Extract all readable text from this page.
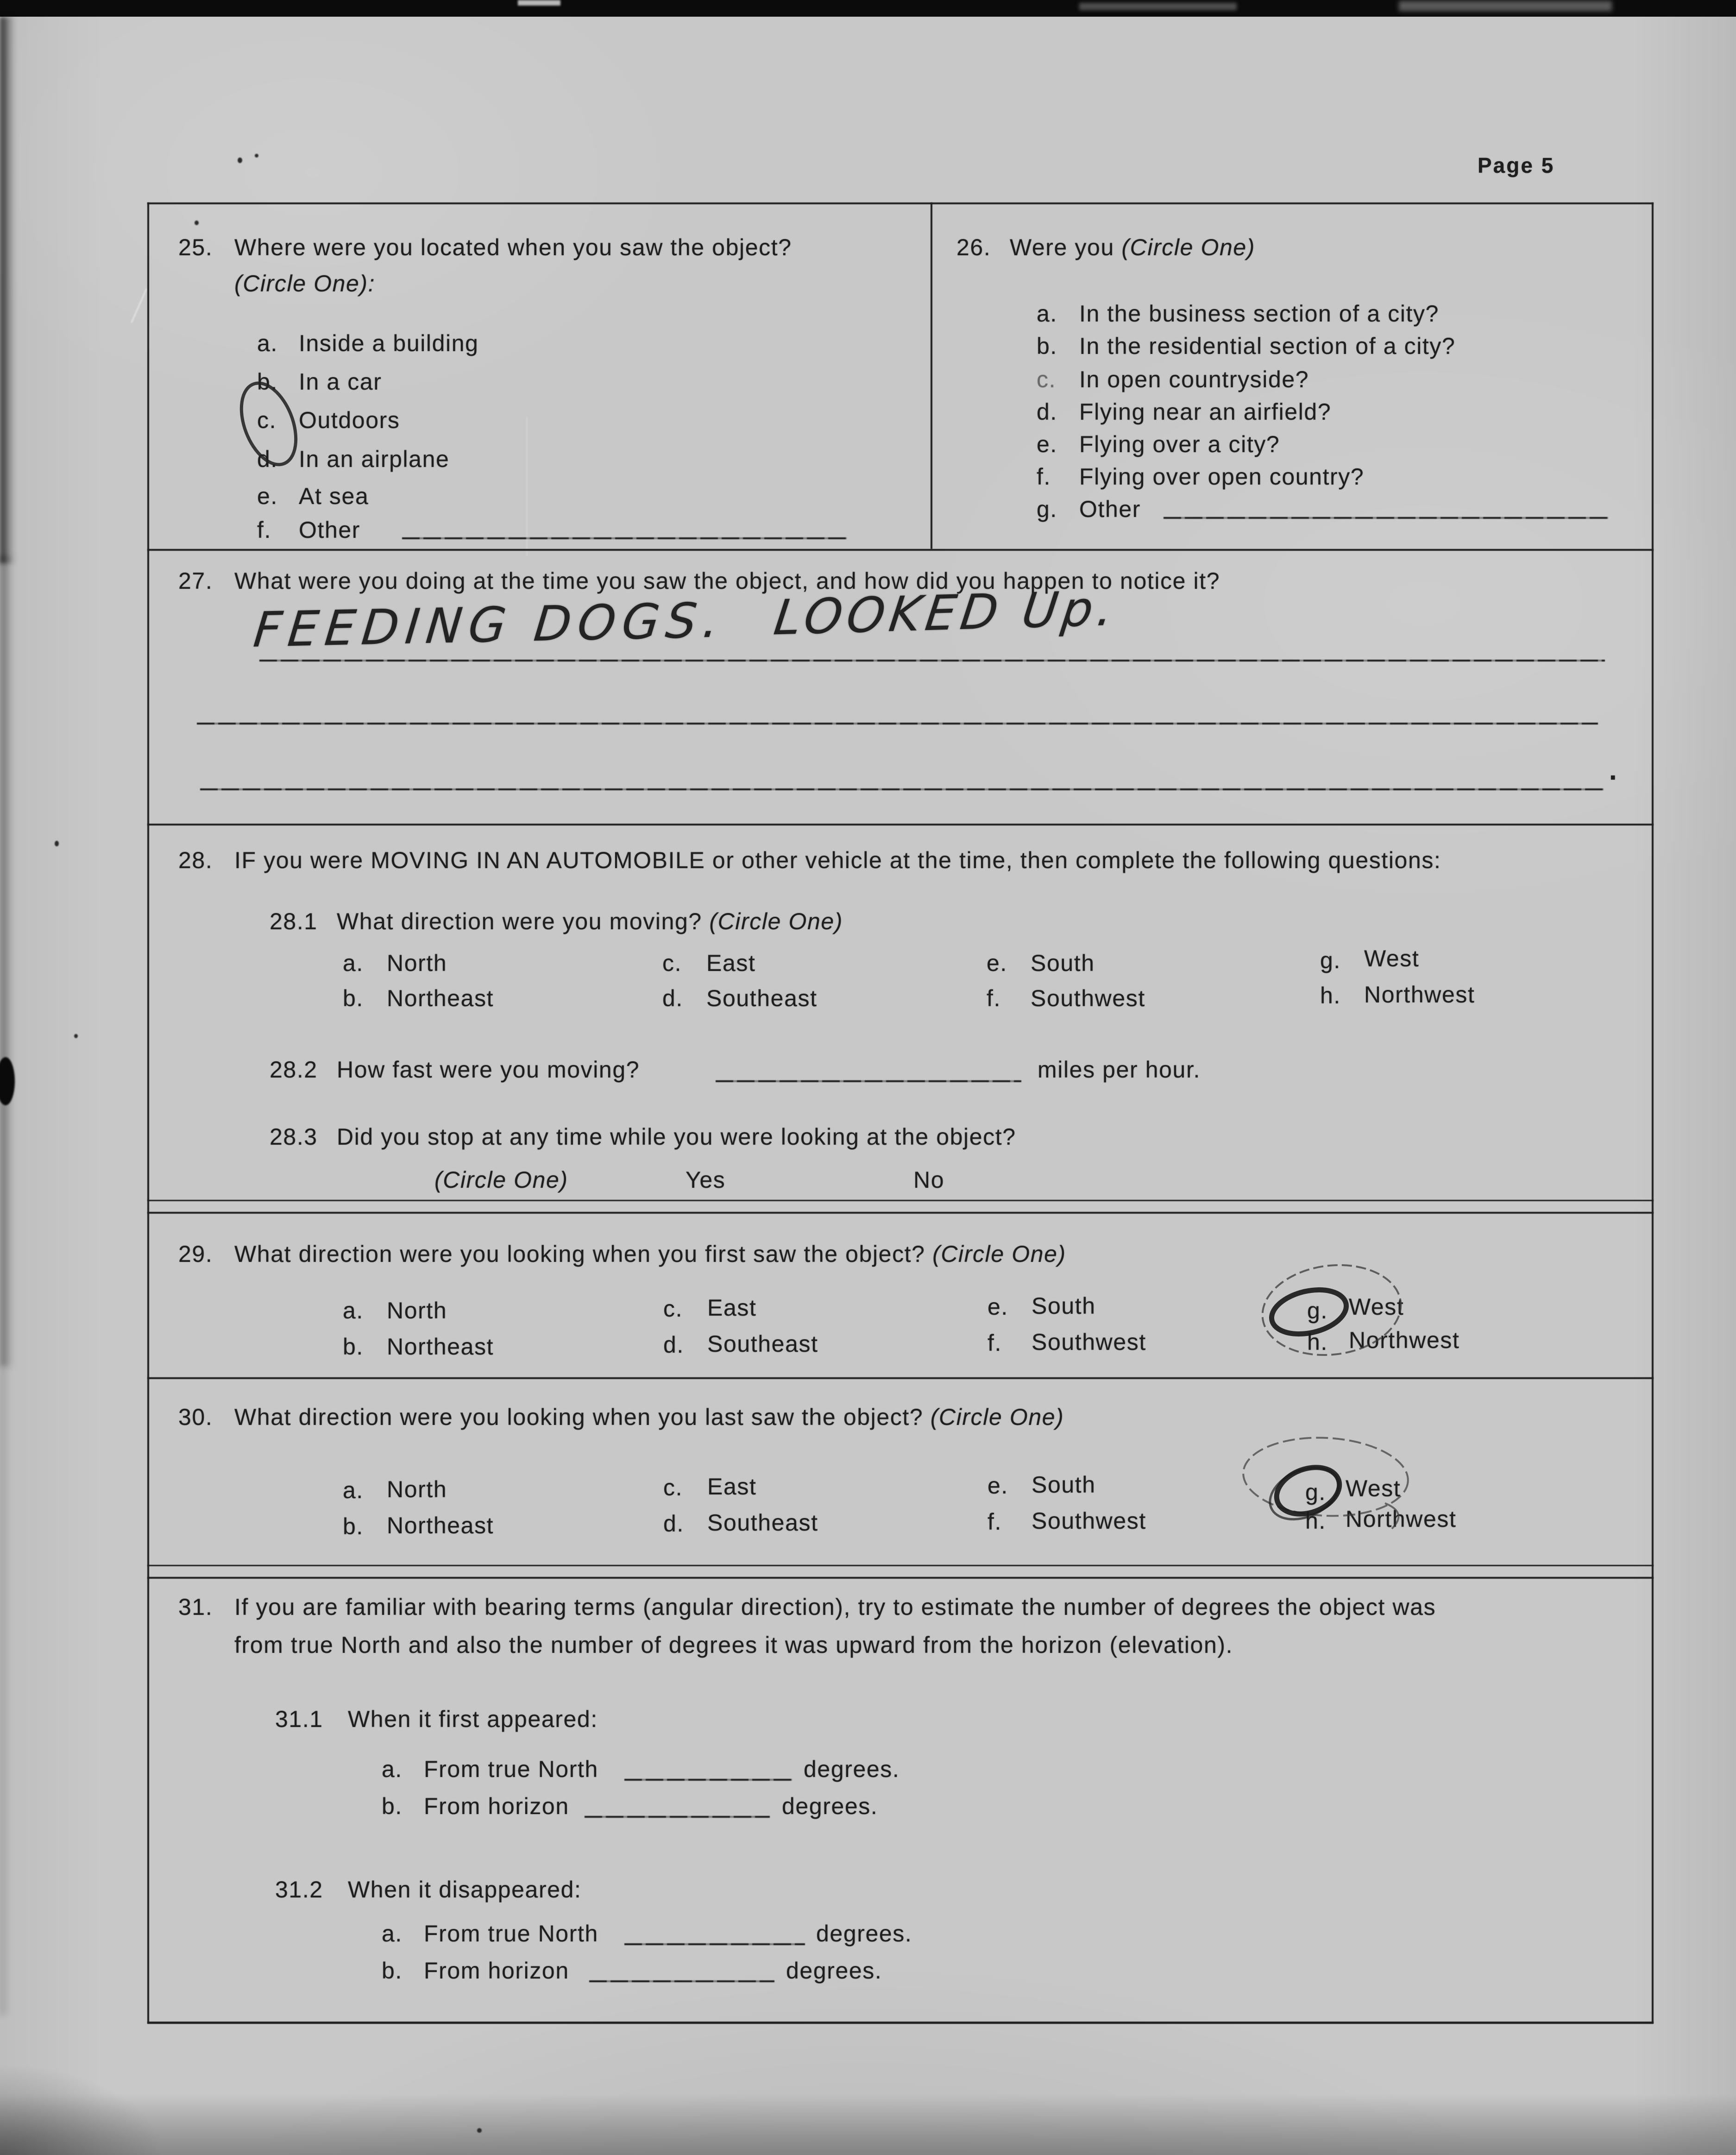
Page 5
25. Where were you located when you saw the object?
(Circle One):
a. Inside a building
b. In a car
c. Outdoors
d. In an airplane
e. At sea
f. Other
26. Were you (Circle One)
a. In the business section of a city?
b. In the residential section of a city?
c. In open countryside?
d. Flying near an airfield?
e. Flying over a city?
f. Flying over open country?
g. Other
27. What were you doing at the time you saw the object, and how did you happen to notice it?
FEEDING DOGS. LOOKED Up.
.
28. IF you were MOVING IN AN AUTOMOBILE or other vehicle at the time, then complete the following questions:
28.1 What direction were you moving? (Circle One)
a. North	c. East	e. South	g. West
b. Northeast	d. Southeast	f. Southwest	h. Northwest
28.2 How fast were you moving?	miles per hour.
28.3 Did you stop at any time while you were looking at the object?
(Circle One)	Yes	No
29. What direction were you looking when you first saw the object? (Circle One)
a. North	c. East	e. South	g. West
b. Northeast	d. Southeast	f. Southwest	h. Northwest
30. What direction were you looking when you last saw the object? (Circle One)
a. North	c. East	e. South	g. West
b. Northeast	d. Southeast	f. Southwest	h. Northwest
31. If you are familiar with bearing terms (angular direction), try to estimate the number of degrees the object was
from true North and also the number of degrees it was upward from the horizon (elevation).
31.1 When it first appeared:
a. From true North	degrees.
b. From horizon	degrees.
31.2 When it disappeared:
a. From true North	degrees.
b. From horizon	degrees.
